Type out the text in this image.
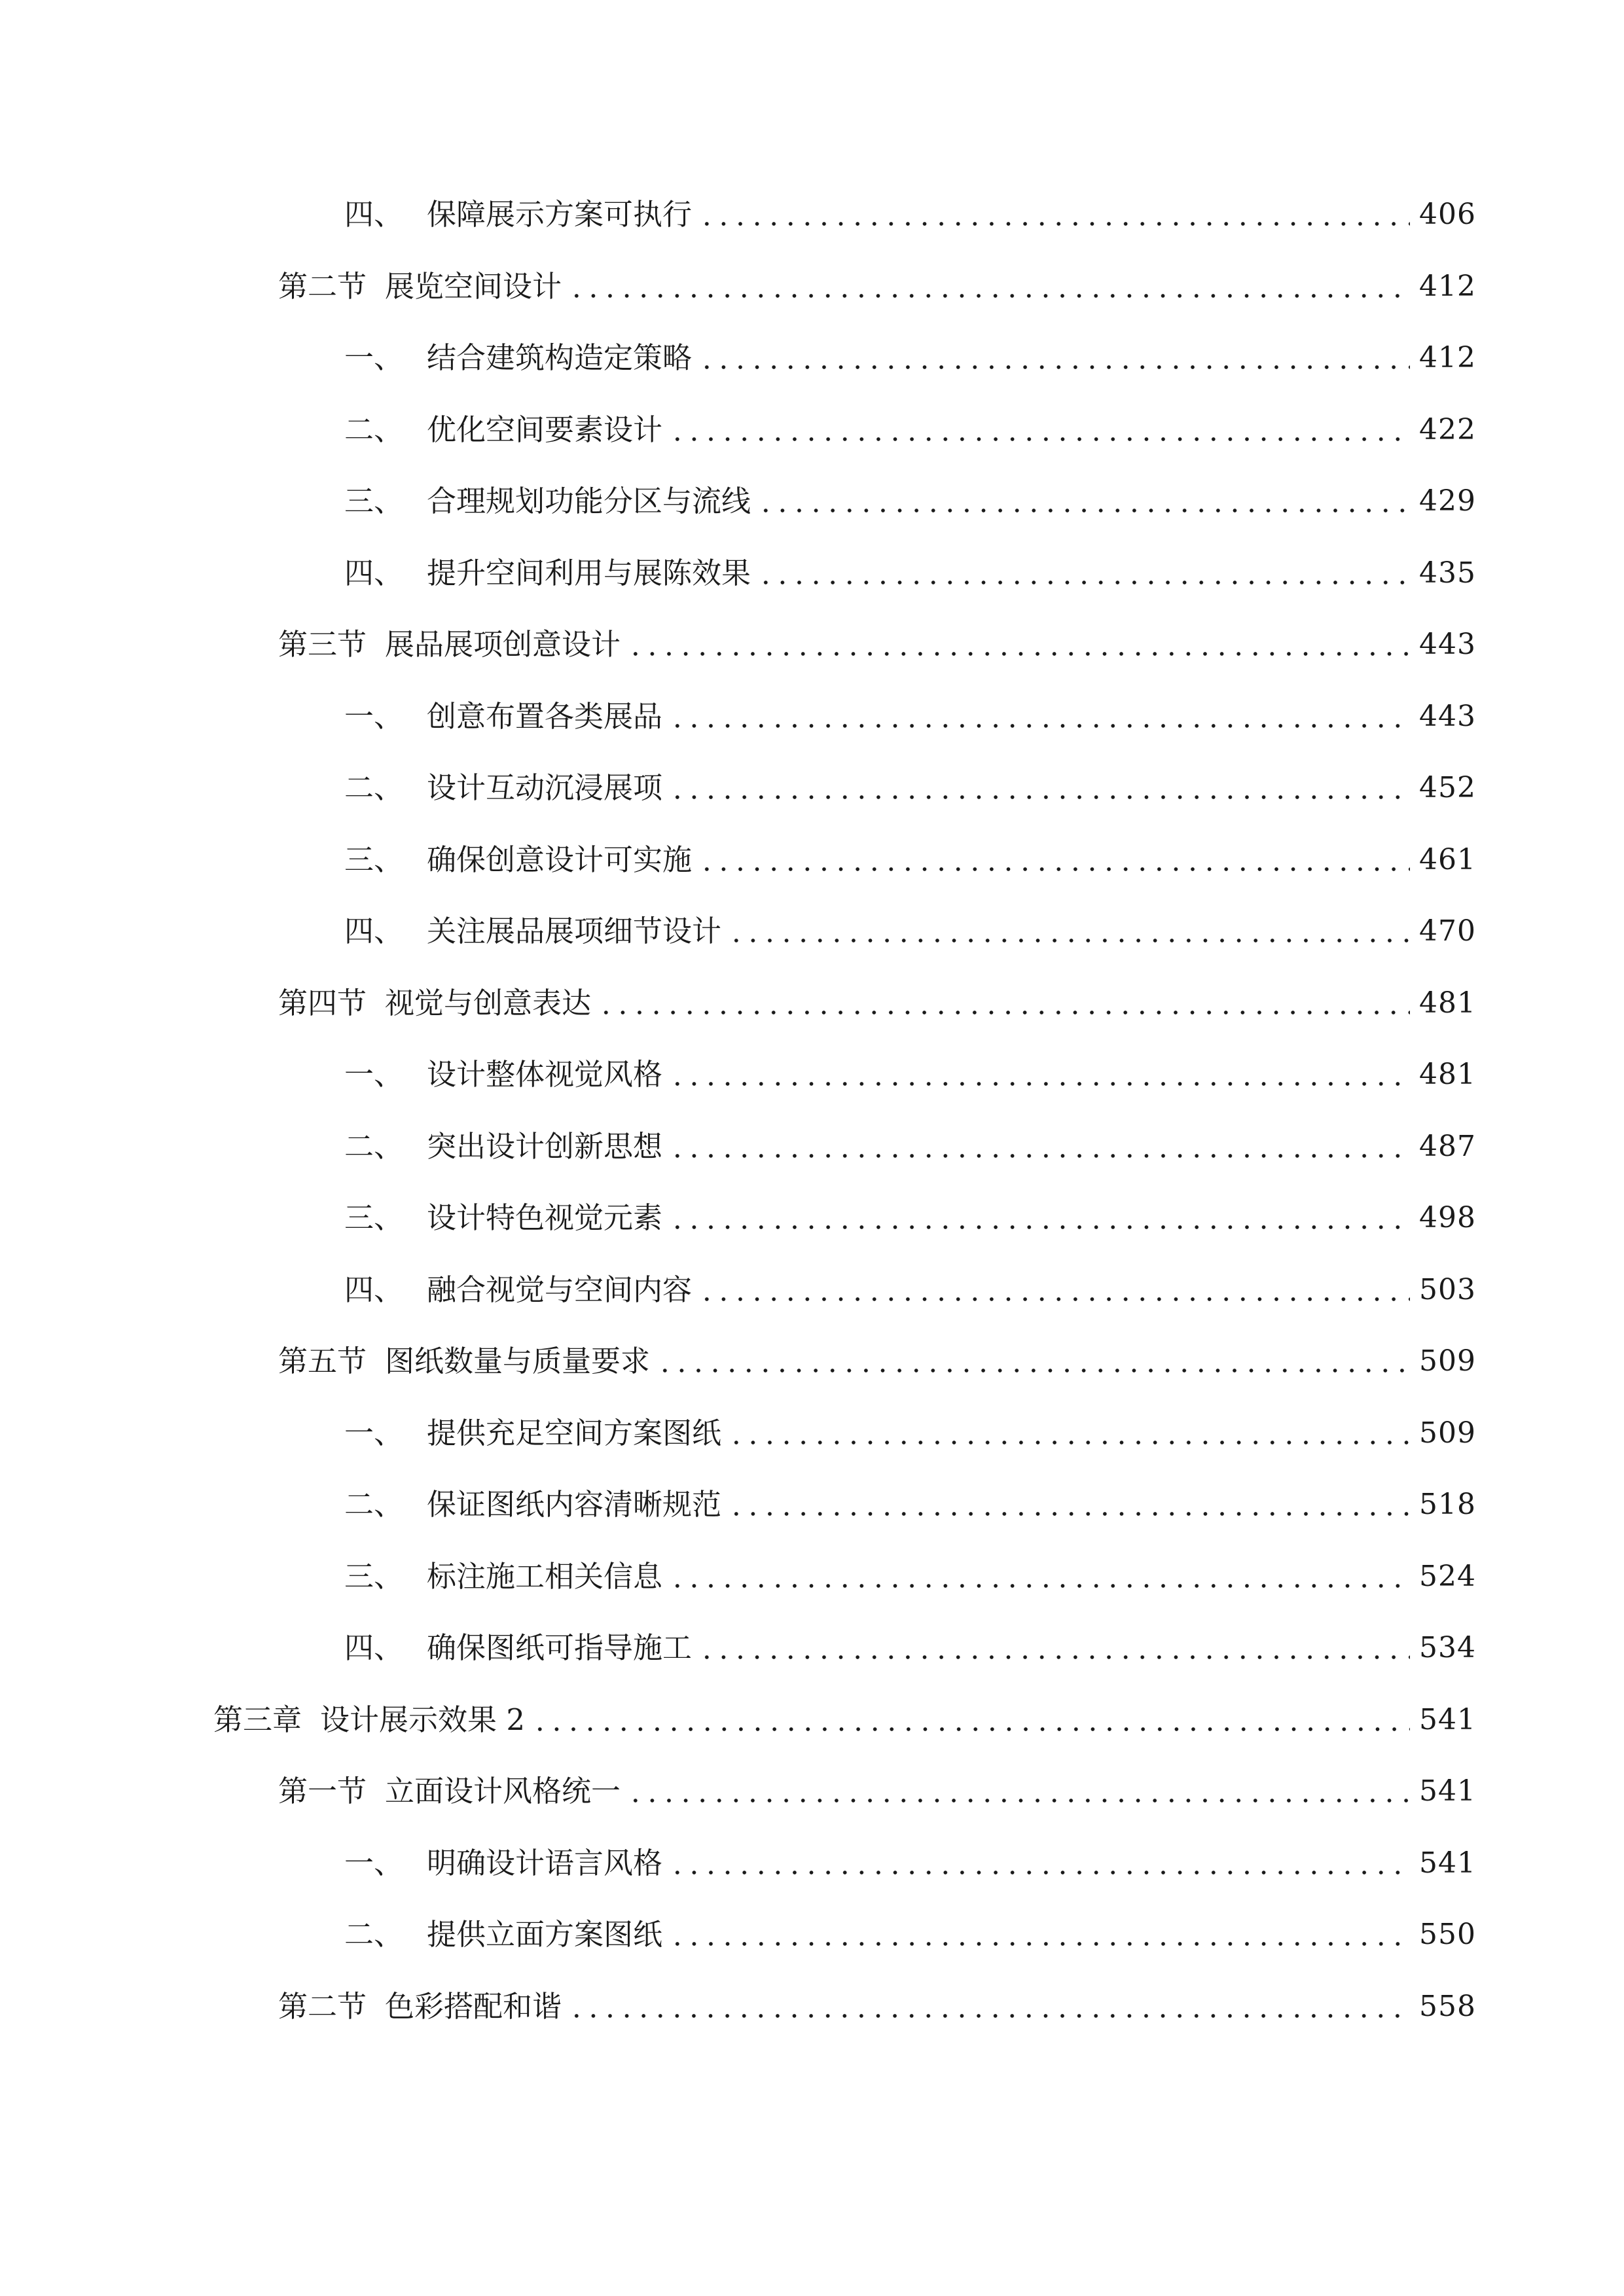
四、 保障展示方案可执行	406
第二节 展览空间设计	412
一、 结合建筑构造定策略	412
二、 优化空间要素设计	422
三、 合理规划功能分区与流线	429
四、 提升空间利用与展陈效果	435
第三节 展品展项创意设计	443
一、 创意布置各类展品	443
二、 设计互动沉浸展项	452
三、 确保创意设计可实施	461
四、 关注展品展项细节设计	470
第四节 视觉与创意表达	481
一、 设计整体视觉风格	481
二、 突出设计创新思想	487
三、 设计特色视觉元素	498
四、 融合视觉与空间内容	503
第五节 图纸数量与质量要求	509
一、 提供充足空间方案图纸	509
二、 保证图纸内容清晰规范	518
三、 标注施工相关信息	524
四、 确保图纸可指导施工	534
第三章 设计展示效果 2	541
第一节 立面设计风格统一	541
一、 明确设计语言风格	541
二、 提供立面方案图纸	550
第二节 色彩搭配和谐	558
